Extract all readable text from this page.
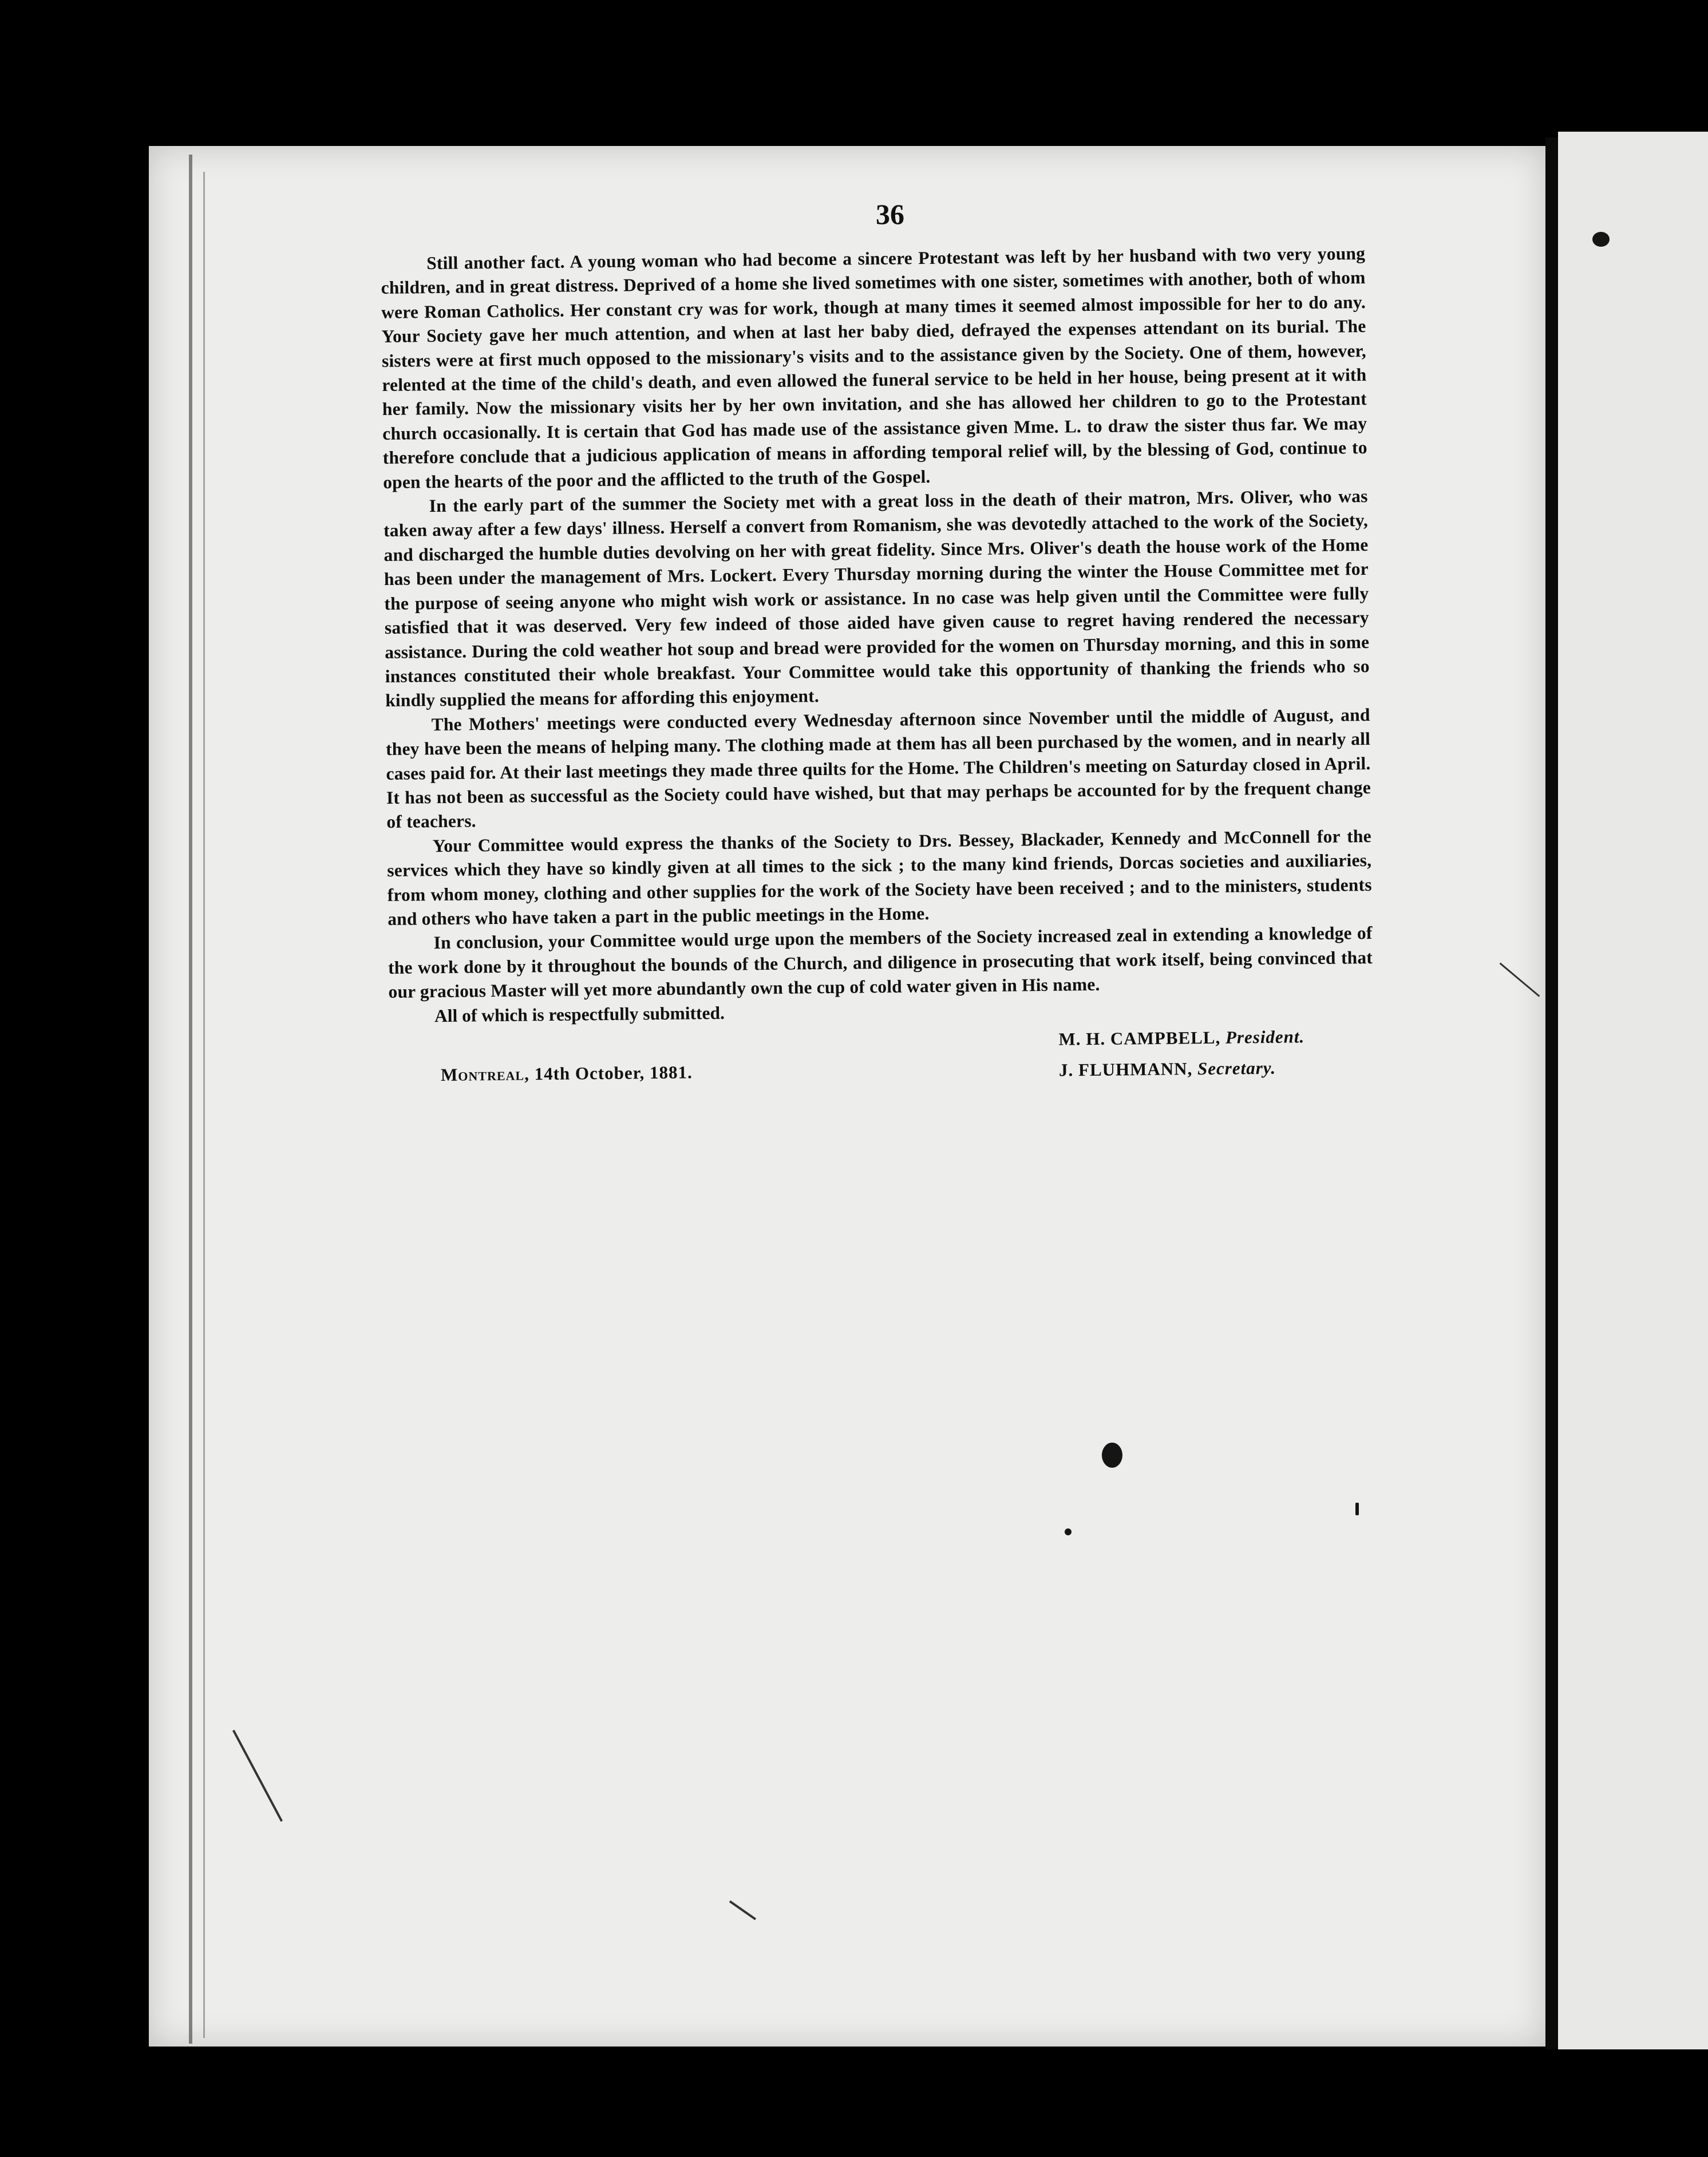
36

Still another fact. A young woman who had become a sincere Protestant was left by her husband with two very young children, and in great distress. Deprived of a home she lived sometimes with one sister, sometimes with another, both of whom were Roman Catholics. Her constant cry was for work, though at many times it seemed almost impossible for her to do any. Your Society gave her much attention, and when at last her baby died, defrayed the expenses attendant on its burial. The sisters were at first much opposed to the missionary's visits and to the assistance given by the Society. One of them, however, relented at the time of the child's death, and even allowed the funeral service to be held in her house, being present at it with her family. Now the missionary visits her by her own invitation, and she has allowed her children to go to the Protestant church occasionally. It is certain that God has made use of the assistance given Mme. L. to draw the sister thus far. We may therefore conclude that a judicious application of means in affording temporal relief will, by the blessing of God, continue to open the hearts of the poor and the afflicted to the truth of the Gospel.

In the early part of the summer the Society met with a great loss in the death of their matron, Mrs. Oliver, who was taken away after a few days' illness. Herself a convert from Romanism, she was devotedly attached to the work of the Society, and discharged the humble duties devolving on her with great fidelity. Since Mrs. Oliver's death the house work of the Home has been under the management of Mrs. Lockert. Every Thursday morning during the winter the House Committee met for the purpose of seeing anyone who might wish work or assistance. In no case was help given until the Committee were fully satisfied that it was deserved. Very few indeed of those aided have given cause to regret having rendered the necessary assistance. During the cold weather hot soup and bread were provided for the women on Thursday morning, and this in some instances constituted their whole breakfast. Your Committee would take this opportunity of thanking the friends who so kindly supplied the means for affording this enjoyment.

The Mothers' meetings were conducted every Wednesday afternoon since November until the middle of August, and they have been the means of helping many. The clothing made at them has all been purchased by the women, and in nearly all cases paid for. At their last meetings they made three quilts for the Home. The Children's meeting on Saturday closed in April. It has not been as successful as the Society could have wished, but that may perhaps be accounted for by the frequent change of teachers.

Your Committee would express the thanks of the Society to Drs. Bessey, Blackader, Kennedy and McConnell for the services which they have so kindly given at all times to the sick ; to the many kind friends, Dorcas societies and auxiliaries, from whom money, clothing and other supplies for the work of the Society have been received ; and to the ministers, students and others who have taken a part in the public meetings in the Home.

In conclusion, your Committee would urge upon the members of the Society increased zeal in extending a knowledge of the work done by it throughout the bounds of the Church, and diligence in prosecuting that work itself, being convinced that our gracious Master will yet more abundantly own the cup of cold water given in His name.

All of which is respectfully submitted.

Montreal, 14th October, 1881.
M. H. CAMPBELL, President.
J. FLUHMANN, Secretary.
